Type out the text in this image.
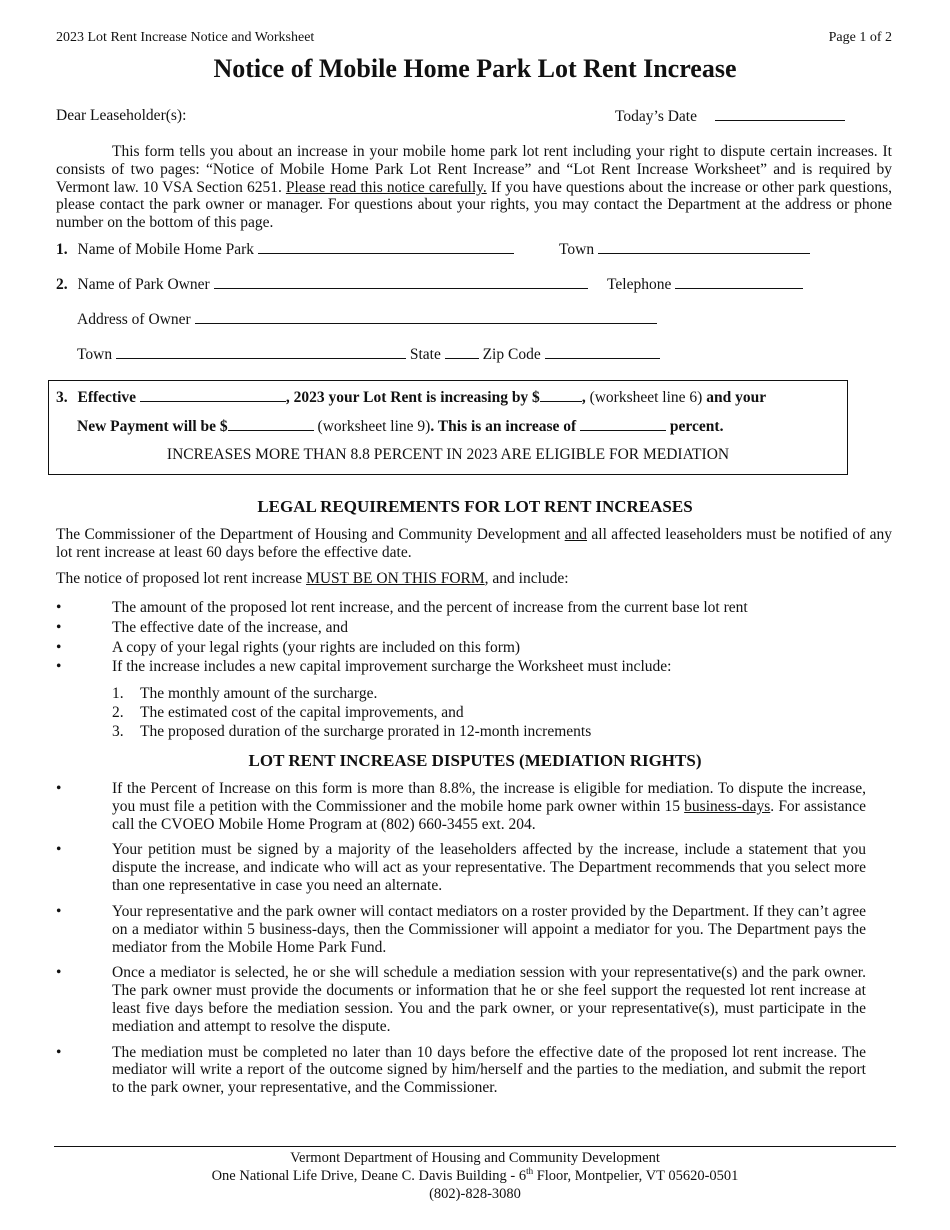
2023 Lot Rent Increase Notice and Worksheet	Page 1 of 2
Notice of Mobile Home Park Lot Rent Increase
Dear Leaseholder(s):	Today’s Date
This form tells you about an increase in your mobile home park lot rent including your right to dispute certain increases. It consists of two pages: “Notice of Mobile Home Park Lot Rent Increase” and “Lot Rent Increase Worksheet” and is required by Vermont law. 10 VSA Section 6251. Please read this notice carefully. If you have questions about the increase or other park questions, please contact the park owner or manager. For questions about your rights, you may contact the Department at the address or phone number on the bottom of this page.
1. Name of Mobile Home Park	Town
2. Name of Park Owner	Telephone
Address of Owner
Town	State	Zip Code
3. Effective	, 2023 your Lot Rent is increasing by $	, (worksheet line 6) and your
New Payment will be $	(worksheet line 9). This is an increase of	percent.
INCREASES MORE THAN 8.8 PERCENT IN 2023 ARE ELIGIBLE FOR MEDIATION
LEGAL REQUIREMENTS FOR LOT RENT INCREASES
The Commissioner of the Department of Housing and Community Development and all affected leaseholders must be notified of any lot rent increase at least 60 days before the effective date.
The notice of proposed lot rent increase MUST BE ON THIS FORM, and include:
•	The amount of the proposed lot rent increase, and the percent of increase from the current base lot rent
•	The effective date of the increase, and
•	A copy of your legal rights (your rights are included on this form)
•	If the increase includes a new capital improvement surcharge the Worksheet must include:
1. The monthly amount of the surcharge.
2. The estimated cost of the capital improvements, and
3. The proposed duration of the surcharge prorated in 12-month increments
LOT RENT INCREASE DISPUTES (MEDIATION RIGHTS)
•	If the Percent of Increase on this form is more than 8.8%, the increase is eligible for mediation. To dispute the increase, you must file a petition with the Commissioner and the mobile home park owner within 15 business-days. For assistance call the CVOEO Mobile Home Program at (802) 660-3455 ext. 204.
•	Your petition must be signed by a majority of the leaseholders affected by the increase, include a statement that you dispute the increase, and indicate who will act as your representative. The Department recommends that you select more than one representative in case you need an alternate.
•	Your representative and the park owner will contact mediators on a roster provided by the Department. If they can’t agree on a mediator within 5 business-days, then the Commissioner will appoint a mediator for you. The Department pays the mediator from the Mobile Home Park Fund.
•	Once a mediator is selected, he or she will schedule a mediation session with your representative(s) and the park owner. The park owner must provide the documents or information that he or she feel support the requested lot rent increase at least five days before the mediation session. You and the park owner, or your representative(s), must participate in the mediation and attempt to resolve the dispute.
•	The mediation must be completed no later than 10 days before the effective date of the proposed lot rent increase. The mediator will write a report of the outcome signed by him/herself and the parties to the mediation, and submit the report to the park owner, your representative, and the Commissioner.
Vermont Department of Housing and Community Development
One National Life Drive, Deane C. Davis Building - 6th Floor, Montpelier, VT 05620-0501
(802)-828-3080
